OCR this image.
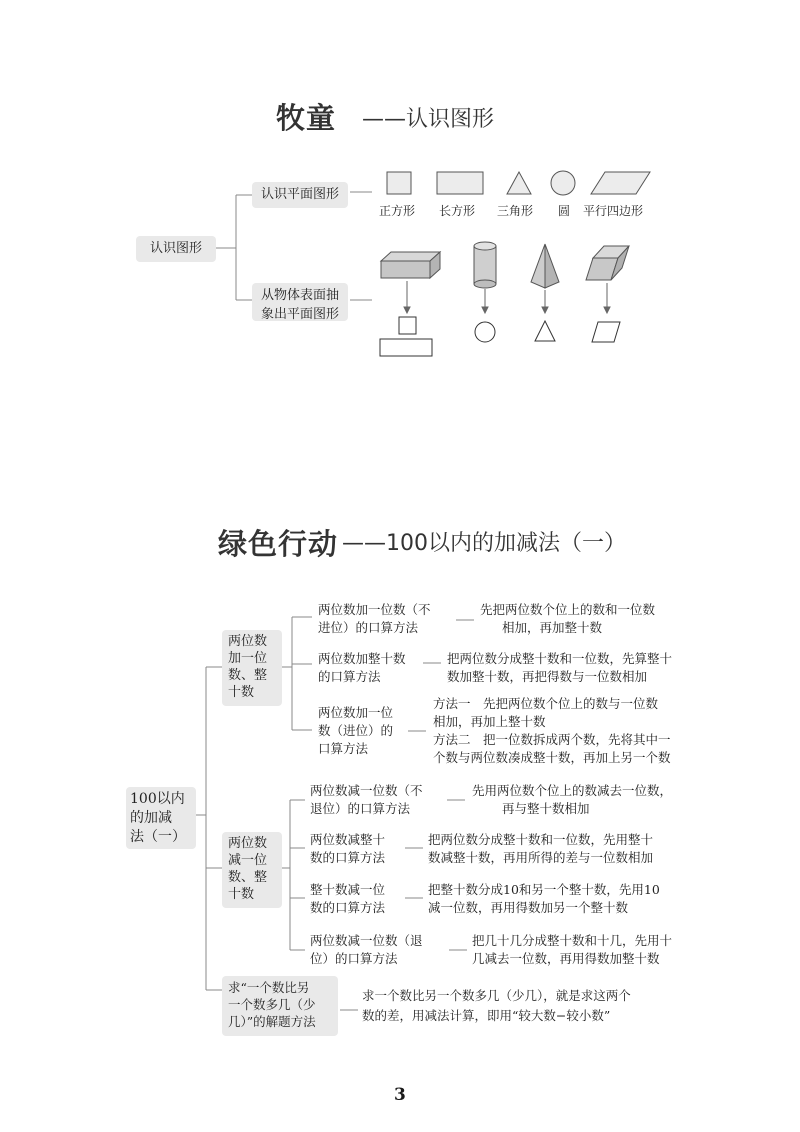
牧童 ——认识图形
认识图形
认识平面图形
从物体表面抽
象出平面图形
正方形 长方形 三角形 圆 平行四边形
绿色行动 ——100以内的加减法（一）
100以内
的加减
法（一）
两位数
加一位
数、整
十数
两位数
减一位
数、整
十数
求“一个数比另
一个数多几（少
几）”的解题方法
两位数加一位数（不
进位）的口算方法
先把两位数个位上的数和一位数
相加，再加整十数
两位数加整十数
的口算方法
把两位数分成整十数和一位数，先算整十
数加整十数，再把得数与一位数相加
两位数加一位
数（进位）的
口算方法
方法一　先把两位数个位上的数与一位数
相加，再加上整十数
方法二　把一位数拆成两个数，先将其中一
个数与两位数凑成整十数，再加上另一个数
两位数减一位数（不
退位）的口算方法
先用两位数个位上的数减去一位数，
再与整十数相加
两位数减整十
数的口算方法
把两位数分成整十数和一位数，先用整十
数减整十数，再用所得的差与一位数相加
整十数减一位
数的口算方法
把整十数分成10和另一个整十数，先用10
减一位数，再用得数加另一个整十数
两位数减一位数（退
位）的口算方法
把几十几分成整十数和十几，先用十
几减去一位数，再用得数加整十数
求一个数比另一个数多几（少几），就是求这两个
数的差，用减法计算，即用“较大数−较小数”
3
